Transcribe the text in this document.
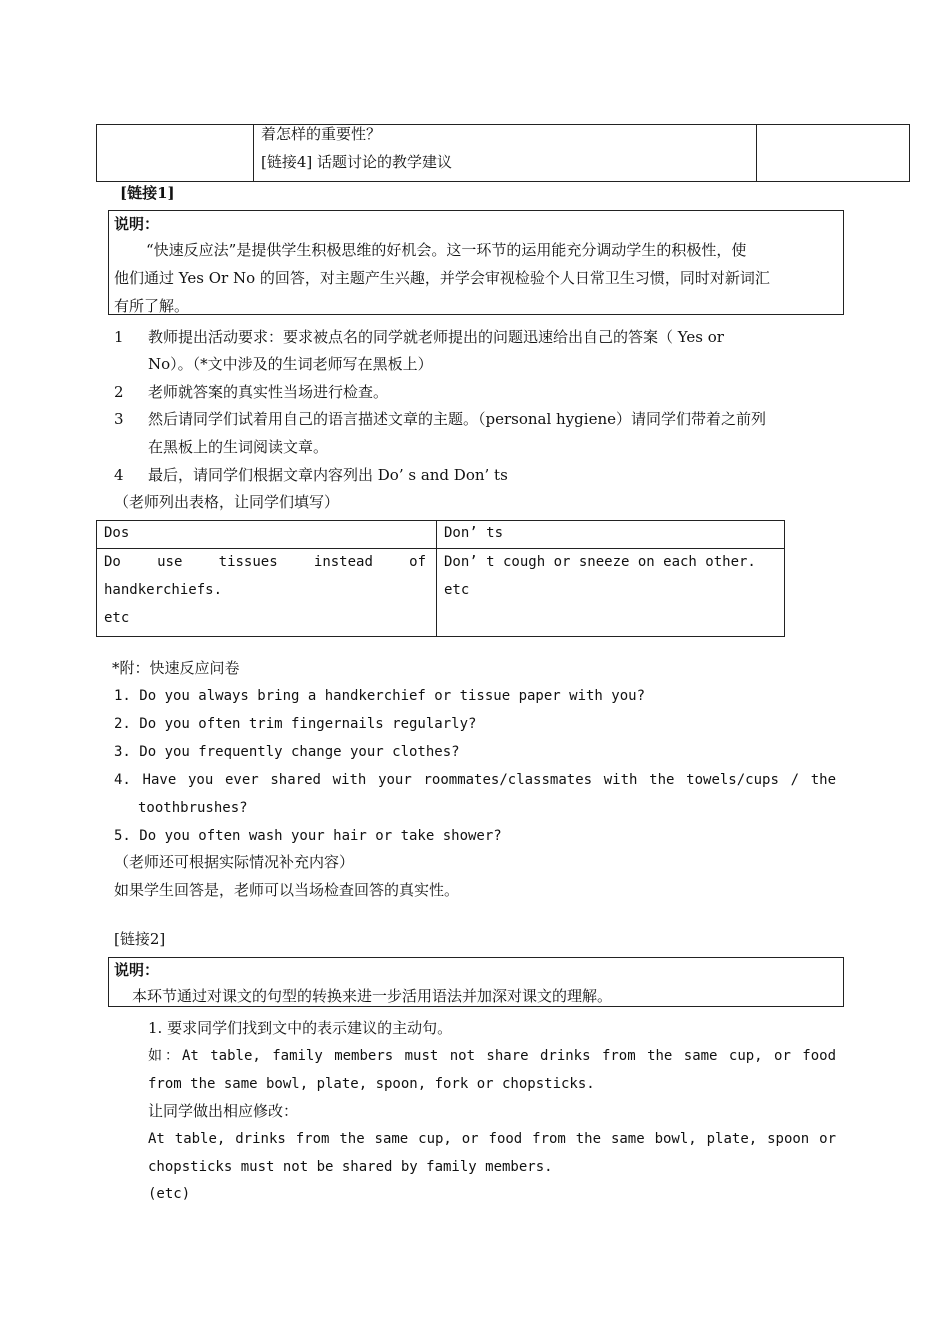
着怎样的重要性？
[链接4] 话题讨论的教学建议
[链接1]
说明：
“快速反应法”是提供学生积极思维的好机会。这一环节的运用能充分调动学生的积极性，使
他们通过 Yes Or No 的回答，对主题产生兴趣，并学会审视检验个人日常卫生习惯，同时对新词汇
有所了解。
1 教师提出活动要求：要求被点名的同学就老师提出的问题迅速给出自己的答案（ Yes or
No）。（*文中涉及的生词老师写在黑板上）
2 老师就答案的真实性当场进行检查。
3 然后请同学们试着用自己的语言描述文章的主题。（personal hygiene）请同学们带着之前列
在黑板上的生词阅读文章。
4 最后，请同学们根据文章内容列出 Do’ s and Don’ ts
（老师列出表格，让同学们填写）
Dos	Don’ ts
Do use tissues instead of
handkerchiefs.
etc
Don’ t cough or sneeze on each other.
etc
*附：快速反应问卷
1. Do you always bring a handkerchief or tissue paper with you?
2. Do you often trim fingernails regularly?
3. Do you frequently change your clothes?
4. Have you ever shared with your roommates/classmates with the towels/cups / the
toothbrushes?
5. Do you often wash your hair or take shower?
（老师还可根据实际情况补充内容）
如果学生回答是，老师可以当场检查回答的真实性。
[链接2]
说明：
本环节通过对课文的句型的转换来进一步活用语法并加深对课文的理解。
1. 要求同学们找到文中的表示建议的主动句。
如：At table, family members must not share drinks from the same cup, or food
from the same bowl, plate, spoon, fork or chopsticks.
让同学做出相应修改：
At table, drinks from the same cup, or food from the same bowl, plate, spoon or
chopsticks must not be shared by family members.
(etc)
